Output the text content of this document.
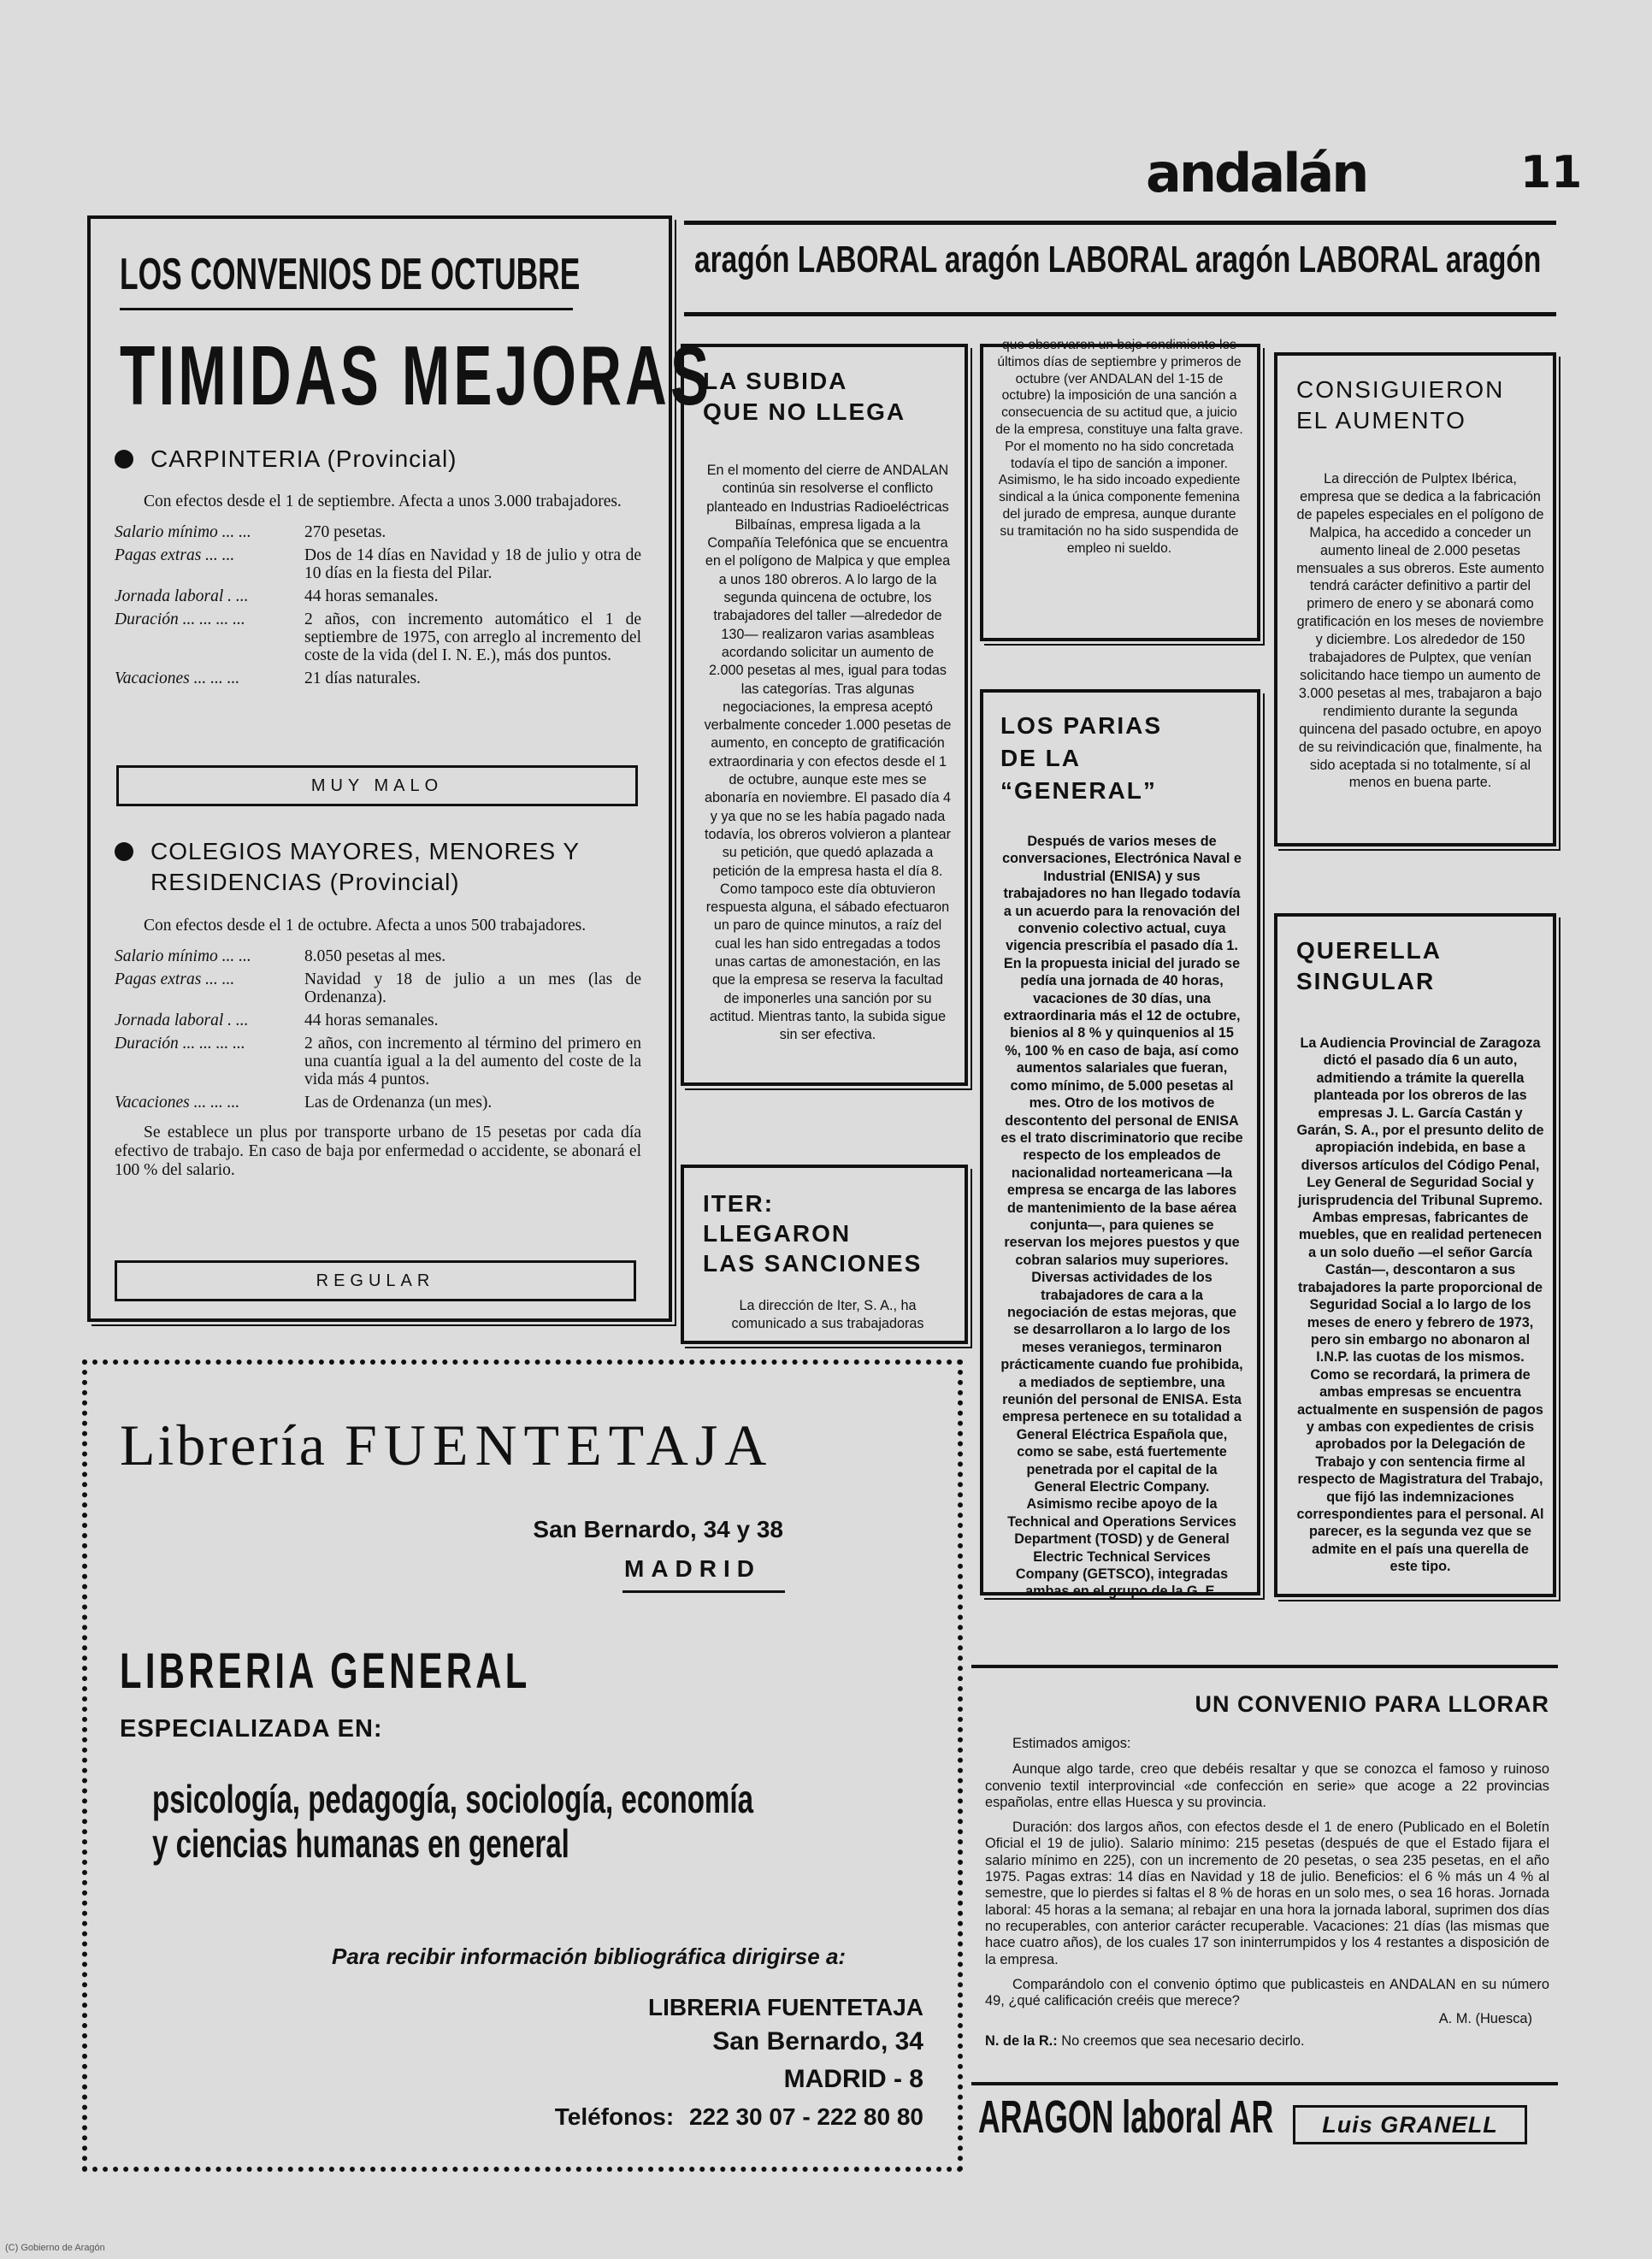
andalán	11
aragón LABORAL aragón LABORAL aragón LABORAL aragón
LOS CONVENIOS DE OCTUBRE
TIMIDAS MEJORAS
CARPINTERIA (Provincial)

Con efectos desde el 1 de septiembre. Afecta a unos 3.000 trabajadores.

Salario mínimo ... ...	270 pesetas.
Pagas extras ... ...	Dos de 14 días en Navidad y 18 de julio y otra de 10 días en la fiesta del Pilar.
Jornada laboral . ...	44 horas semanales.
Duración ... ... ... ...	2 años, con incremento automático el 1 de septiembre de 1975, con arreglo al incremento del coste de la vida (del I. N. E.), más dos puntos.
Vacaciones ... ... ...	21 días naturales.
MUY MALO
COLEGIOS MAYORES, MENORES Y RESIDENCIAS (Provincial)

Con efectos desde el 1 de octubre. Afecta a unos 500 trabajadores.

Salario mínimo ... ...	8.050 pesetas al mes.
Pagas extras ... ...	Navidad y 18 de julio a un mes (las de Ordenanza).
Jornada laboral . ...	44 horas semanales.
Duración ... ... ... ...	2 años, con incremento al término del primero en una cuantía igual a la del aumento del coste de la vida más 4 puntos.
Vacaciones ... ... ...	Las de Ordenanza (un mes).

Se establece un plus por transporte urbano de 15 pesetas por cada día efectivo de trabajo. En caso de baja por enfermedad o accidente, se abonará el 100 % del salario.

REGULAR
LA SUBIDA
QUE NO LLEGA

En el momento del cierre de ANDALAN continúa sin resolverse el conflicto planteado en Industrias Radioeléctricas Bilbaínas, empresa ligada a la Compañía Telefónica que se encuentra en el polígono de Malpica y que emplea a unos 180 obreros. A lo largo de la segunda quincena de octubre, los trabajadores del taller —alrededor de 130— realizaron varias asambleas acordando solicitar un aumento de 2.000 pesetas al mes, igual para todas las categorías. Tras algunas negociaciones, la empresa aceptó verbalmente conceder 1.000 pesetas de aumento, en concepto de gratificación extraordinaria y con efectos desde el 1 de octubre, aunque este mes se abonaría en noviembre. El pasado día 4 y ya que no se les había pagado nada todavía, los obreros volvieron a plantear su petición, que quedó aplazada a petición de la empresa hasta el día 8. Como tampoco este día obtuvieron respuesta alguna, el sábado efectuaron un paro de quince minutos, a raíz del cual les han sido entregadas a todos unas cartas de amonestación, en las que la empresa se reserva la facultad de imponerles una sanción por su actitud. Mientras tanto, la subida sigue sin ser efectiva.

ITER:
LLEGARON
LAS SANCIONES

La dirección de Iter, S. A., ha comunicado a sus trabajadoras

que observaron un bajo rendimiento los últimos días de septiembre y primeros de octubre (ver ANDALAN del 1-15 de octubre) la imposición de una sanción a consecuencia de su actitud que, a juicio de la empresa, constituye una falta grave. Por el momento no ha sido concretada todavía el tipo de sanción a imponer. Asimismo, le ha sido incoado expediente sindical a la única componente femenina del jurado de empresa, aunque durante su tramitación no ha sido suspendida de empleo ni sueldo.

LOS PARIAS
DE LA “GENERAL”

Después de varios meses de conversaciones, Electrónica Naval e Industrial (ENISA) y sus trabajadores no han llegado todavía a un acuerdo para la renovación del convenio colectivo actual, cuya vigencia prescribía el pasado día 1. En la propuesta inicial del jurado se pedía una jornada de 40 horas, vacaciones de 30 días, una extraordinaria más el 12 de octubre, bienios al 8 % y quinquenios al 15 %, 100 % en caso de baja, así como aumentos salariales que fueran, como mínimo, de 5.000 pesetas al mes. Otro de los motivos de descontento del personal de ENISA es el trato discriminatorio que recibe respecto de los empleados de nacionalidad norteamericana —la empresa se encarga de las labores de mantenimiento de la base aérea conjunta—, para quienes se reservan los mejores puestos y que cobran salarios muy superiores. Diversas actividades de los trabajadores de cara a la negociación de estas mejoras, que se desarrollaron a lo largo de los meses veraniegos, terminaron prácticamente cuando fue prohibida, a mediados de septiembre, una reunión del personal de ENISA. Esta empresa pertenece en su totalidad a General Eléctrica Española que, como se sabe, está fuertemente penetrada por el capital de la General Electric Company. Asimismo recibe apoyo de la Technical and Operations Services Department (TOSD) y de General Electric Technical Services Company (GETSCO), integradas ambas en el grupo de la G. E.

CONSIGUIERON
EL AUMENTO

La dirección de Pulptex Ibérica, empresa que se dedica a la fabricación de papeles especiales en el polígono de Malpica, ha accedido a conceder un aumento lineal de 2.000 pesetas mensuales a sus obreros. Este aumento tendrá carácter definitivo a partir del primero de enero y se abonará como gratificación en los meses de noviembre y diciembre. Los alrededor de 150 trabajadores de Pulptex, que venían solicitando hace tiempo un aumento de 3.000 pesetas al mes, trabajaron a bajo rendimiento durante la segunda quincena del pasado octubre, en apoyo de su reivindicación que, finalmente, ha sido aceptada si no totalmente, sí al menos en buena parte.

QUERELLA
SINGULAR

La Audiencia Provincial de Zaragoza dictó el pasado día 6 un auto, admitiendo a trámite la querella planteada por los obreros de las empresas J. L. García Castán y Garán, S. A., por el presunto delito de apropiación indebida, en base a diversos artículos del Código Penal, Ley General de Seguridad Social y jurisprudencia del Tribunal Supremo. Ambas empresas, fabricantes de muebles, que en realidad pertenecen a un solo dueño —el señor García Castán—, descontaron a sus trabajadores la parte proporcional de Seguridad Social a lo largo de los meses de enero y febrero de 1973, pero sin embargo no abonaron al I.N.P. las cuotas de los mismos. Como se recordará, la primera de ambas empresas se encuentra actualmente en suspensión de pagos y ambas con expedientes de crisis aprobados por la Delegación de Trabajo y con sentencia firme al respecto de Magistratura del Trabajo, que fijó las indemnizaciones correspondientes para el personal. Al parecer, es la segunda vez que se admite en el país una querella de este tipo.

Librería FUENTETAJA
San Bernardo, 34 y 38
MADRID
LIBRERIA GENERAL
ESPECIALIZADA EN:
psicología, pedagogía, sociología, economía
y ciencias humanas en general
Para recibir información bibliográfica dirigirse a:
LIBRERIA FUENTETAJA
San Bernardo, 34
MADRID - 8
Teléfonos: 222 30 07 - 222 80 80
UN CONVENIO PARA LLORAR

Estimados amigos:

Aunque algo tarde, creo que debéis resaltar y que se conozca el famoso y ruinoso convenio textil interprovincial «de confección en serie» que acoge a 22 provincias españolas, entre ellas Huesca y su provincia.

Duración: dos largos años, con efectos desde el 1 de enero (Publicado en el Boletín Oficial el 19 de julio). Salario mínimo: 215 pesetas (después de que el Estado fijara el salario mínimo en 225), con un incremento de 20 pesetas, o sea 235 pesetas, en el año 1975. Pagas extras: 14 días en Navidad y 18 de julio. Beneficios: el 6 % más un 4 % al semestre, que lo pierdes si faltas el 8 % de horas en un solo mes, o sea 16 horas. Jornada laboral: 45 horas a la semana; al rebajar en una hora la jornada laboral, suprimen dos días no recuperables, con anterior carácter recuperable. Vacaciones: 21 días (las mismas que hace cuatro años), de los cuales 17 son ininterrumpidos y los 4 restantes a disposición de la empresa.

Comparándolo con el convenio óptimo que publicasteis en ANDALAN en su número 49, ¿qué calificación creéis que merece?

A. M. (Huesca)

N. de la R.: No creemos que sea necesario decirlo.

ARAGON laboral AR	Luis GRANELL
(C) Gobierno de Aragón
